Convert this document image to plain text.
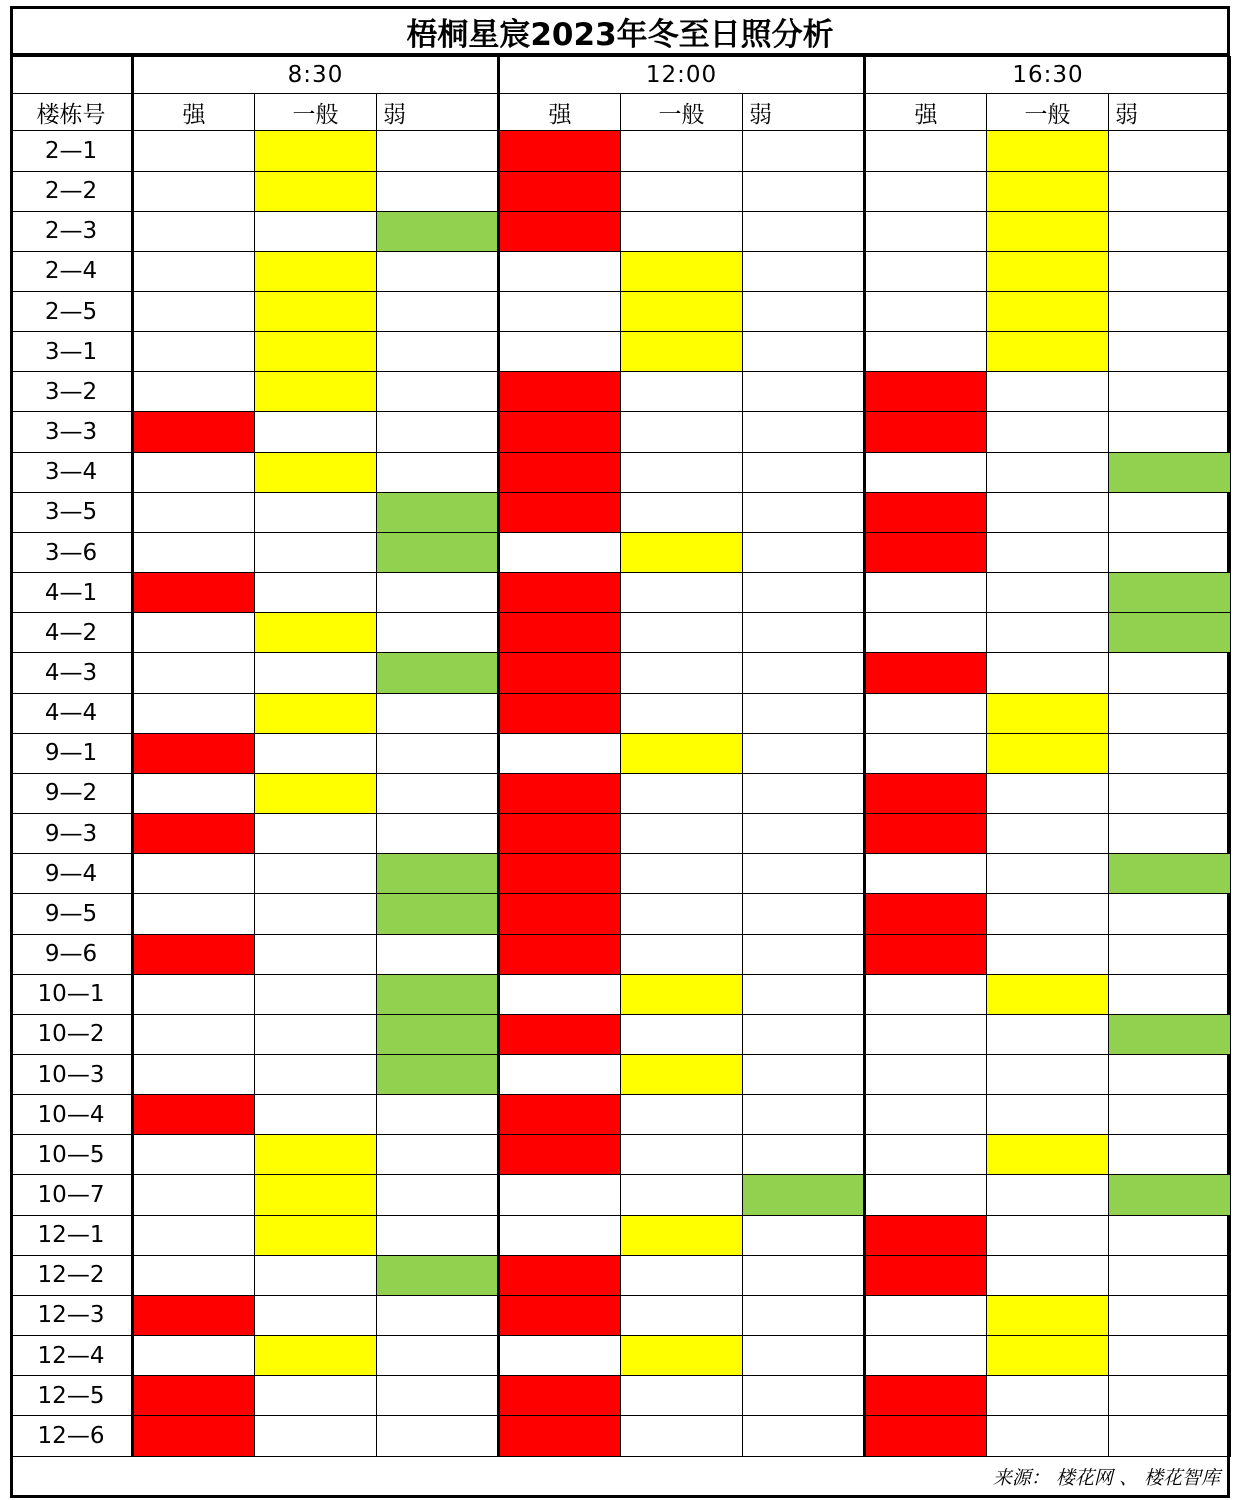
梧桐星宸2023年冬至日照分析
	8:30			12:00			16:30		
楼栋号	强	一般	弱	强	一般	弱	强	一般	弱
2—1									
2—2									
2—3									
2—4									
2—5									
3—1									
3—2									
3—3									
3—4									
3—5									
3—6									
4—1									
4—2									
4—3									
4—4									
9—1									
9—2									
9—3									
9—4									
9—5									
9—6									
10—1									
10—2									
10—3									
10—4									
10—5									
10—7									
12—1									
12—2									
12—3									
12—4									
12—5									
12—6									
来源： 楼花网 、 楼花智库
